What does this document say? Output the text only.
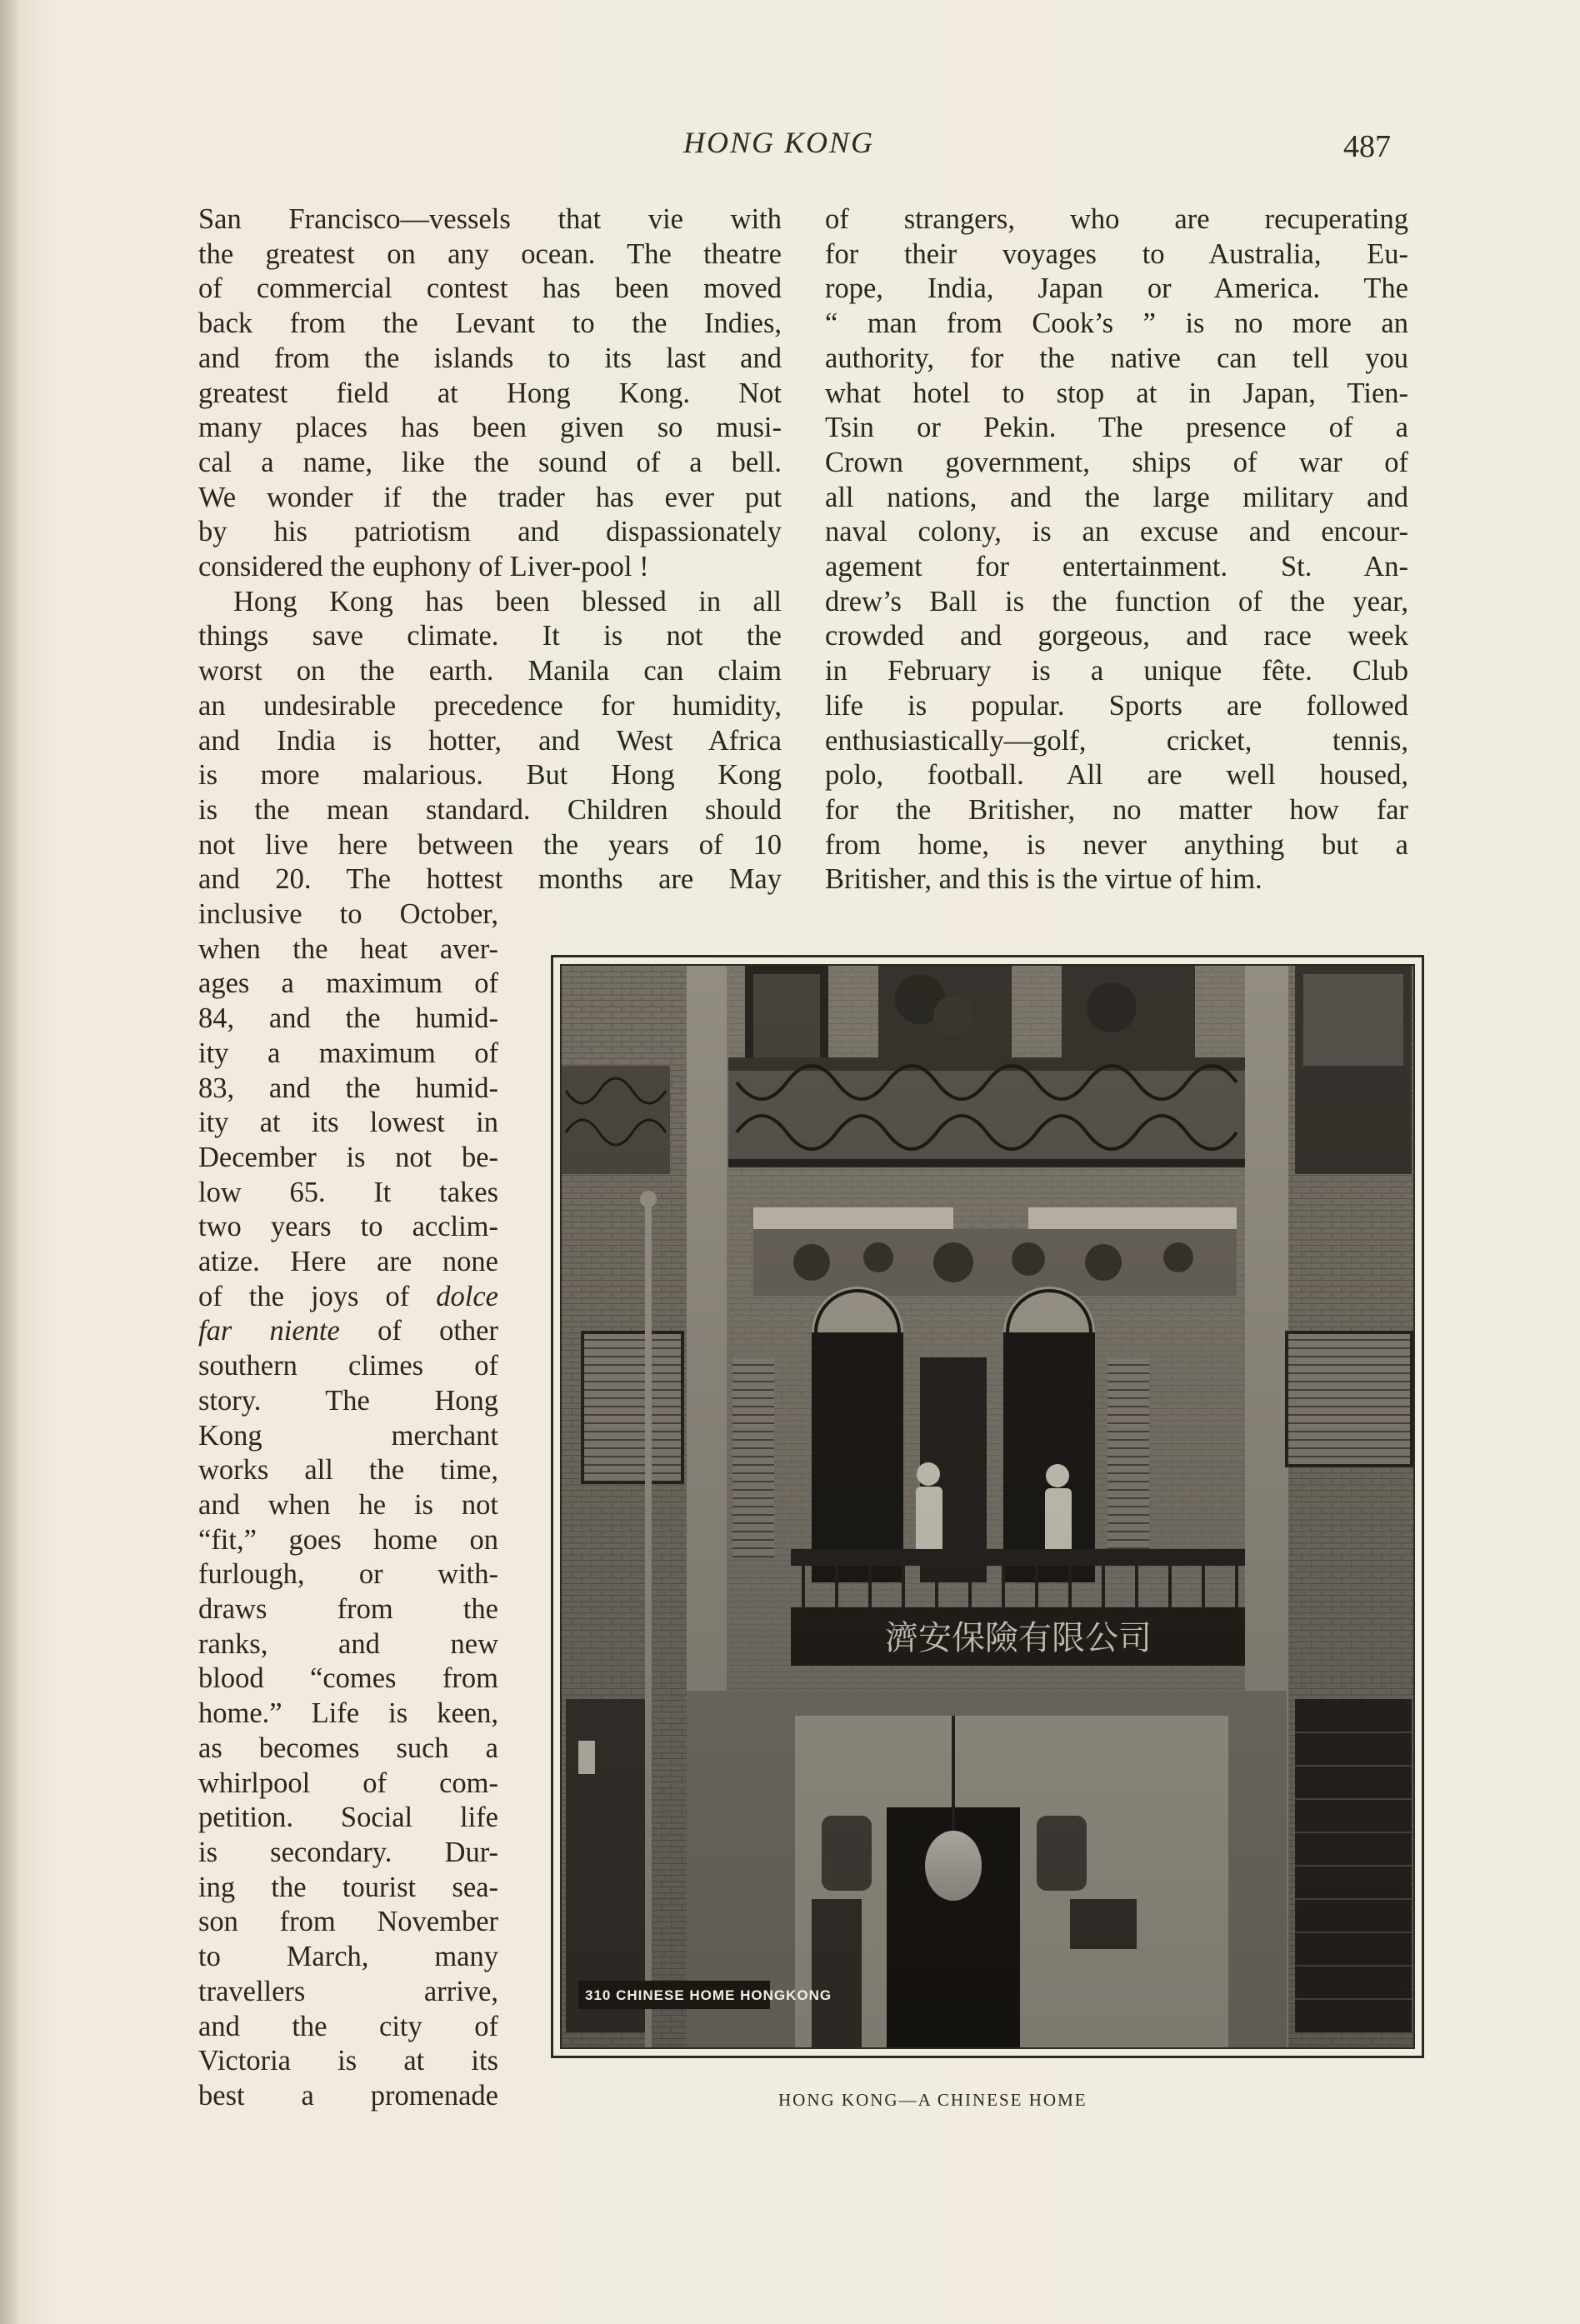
HONG KONG	487
San Francisco—vessels that vie with
the greatest on any ocean. The theatre
of commercial contest has been moved
back from the Levant to the Indies,
and from the islands to its last and
greatest field at Hong Kong. Not
many places has been given so musi-
cal a name, like the sound of a bell.
We wonder if the trader has ever put
by his patriotism and dispassionately
considered the euphony of Liver-pool !
Hong Kong has been blessed in all
things save climate. It is not the
worst on the earth. Manila can claim
an undesirable precedence for humidity,
and India is hotter, and West Africa
is more malarious. But Hong Kong
is the mean standard. Children should
not live here between the years of 10
and 20. The hottest months are May
of strangers, who are recuperating
for their voyages to Australia, Eu-
rope, India, Japan or America. The
“ man from Cook’s ” is no more an
authority, for the native can tell you
what hotel to stop at in Japan, Tien-
Tsin or Pekin. The presence of a
Crown government, ships of war of
all nations, and the large military and
naval colony, is an excuse and encour-
agement for entertainment. St. An-
drew’s Ball is the function of the year,
crowded and gorgeous, and race week
in February is a unique fête. Club
life is popular. Sports are followed
enthusiastically—golf, cricket, tennis,
polo, football. All are well housed,
for the Britisher, no matter how far
from home, is never anything but a
Britisher, and this is the virtue of him.
inclusive to October,
when the heat aver-
ages a maximum of
84, and the humid-
ity a maximum of
83, and the humid-
ity at its lowest in
December is not be-
low 65. It takes
two years to acclim-
atize. Here are none
of the joys of dolce
far niente of other
southern climes of
story. The Hong
Kong merchant
works all the time,
and when he is not
“fit,” goes home on
furlough, or with-
draws from the
ranks, and new
blood “comes from
home.” Life is keen,
as becomes such a
whirlpool of com-
petition. Social life
is secondary. Dur-
ing the tourist sea-
son from November
to March, many
travellers arrive,
and the city of
Victoria is at its
best a promenade
310 CHINESE HOME HONGKONG
HONG KONG—A CHINESE HOME
